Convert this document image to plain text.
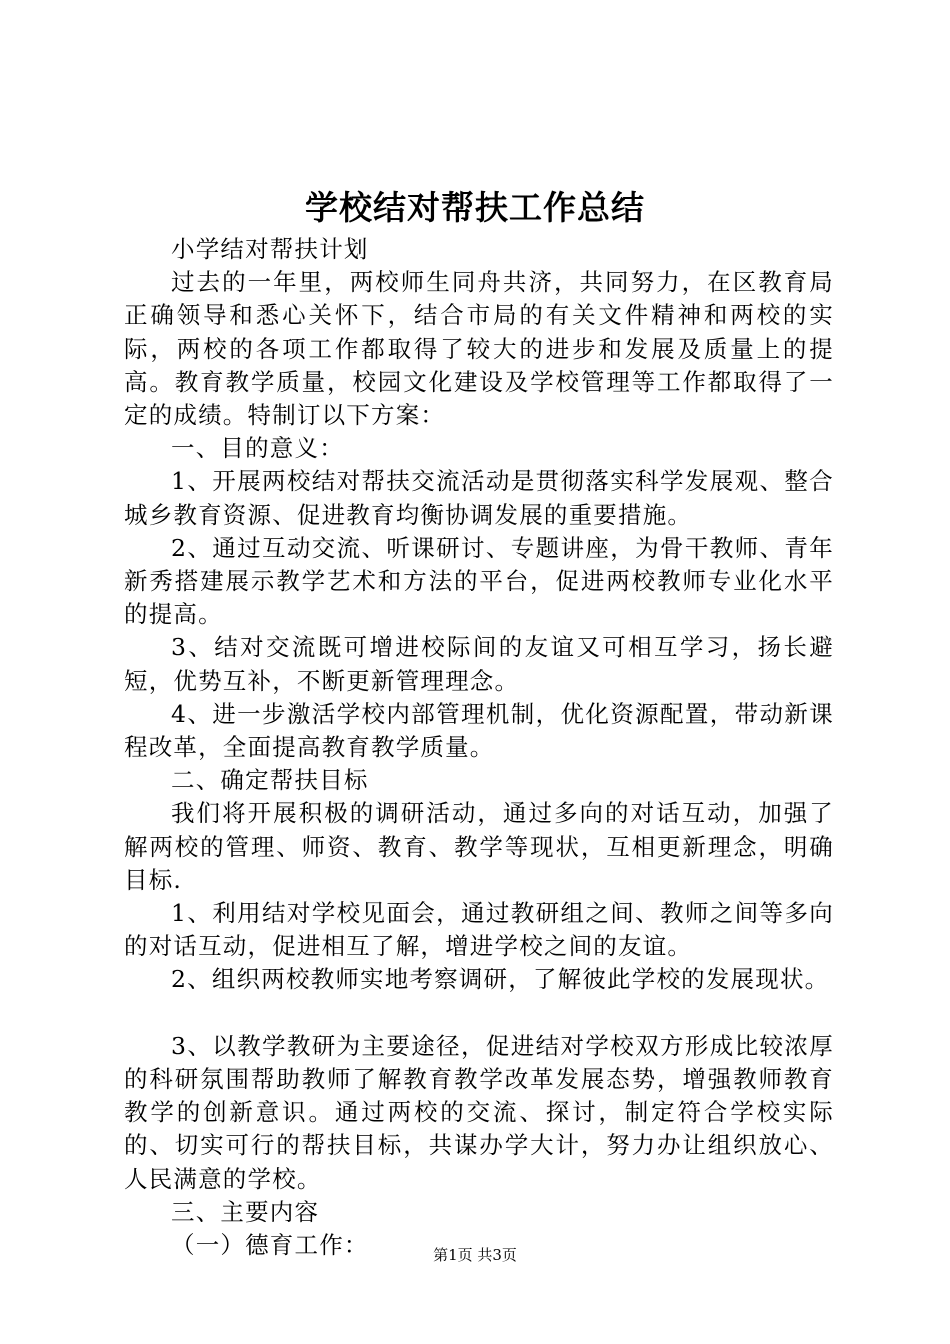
学校结对帮扶工作总结

小学结对帮扶计划

过去的一年里，两校师生同舟共济，共同努力，在区教育局正确领导和悉心关怀下，结合市局的有关文件精神和两校的实际，两校的各项工作都取得了较大的进步和发展及质量上的提高。教育教学质量，校园文化建设及学校管理等工作都取得了一定的成绩。特制订以下方案：

一、目的意义：

1、开展两校结对帮扶交流活动是贯彻落实科学发展观、整合城乡教育资源、促进教育均衡协调发展的重要措施。

2、通过互动交流、听课研讨、专题讲座，为骨干教师、青年新秀搭建展示教学艺术和方法的平台，促进两校教师专业化水平的提高。

3、结对交流既可增进校际间的友谊又可相互学习，扬长避短，优势互补，不断更新管理理念。

4、进一步激活学校内部管理机制，优化资源配置，带动新课程改革，全面提高教育教学质量。

二、确定帮扶目标

我们将开展积极的调研活动，通过多向的对话互动，加强了解两校的管理、师资、教育、教学等现状，互相更新理念，明确目标.

1、利用结对学校见面会，通过教研组之间、教师之间等多向的对话互动，促进相互了解，增进学校之间的友谊。

2、组织两校教师实地考察调研，了解彼此学校的发展现状。

3、以教学教研为主要途径，促进结对学校双方形成比较浓厚的科研氛围帮助教师了解教育教学改革发展态势，增强教师教育教学的创新意识。通过两校的交流、探讨，制定符合学校实际的、切实可行的帮扶目标，共谋办学大计，努力办让组织放心、人民满意的学校。

三、主要内容

（一）德育工作：	第1页 共3页
